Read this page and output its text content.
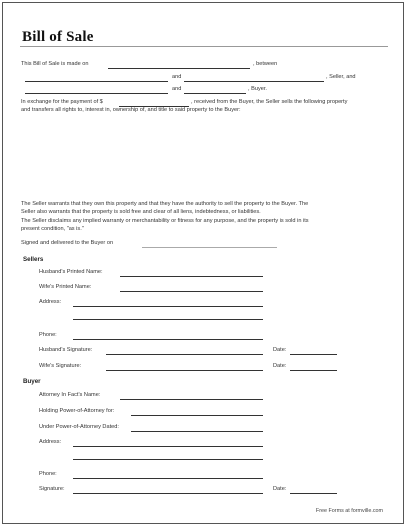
Bill of Sale
This Bill of Sale is made on	, between
and	, Seller, and
and	, Buyer.
In exchange for the payment of $	, received from the Buyer, the Seller sells the following property
and transfers all rights to, interest in, ownership of, and title to said property to the Buyer:
The Seller warrants that they own this property and that they have the authority to sell the property to the Buyer. The
Seller also warrants that the property is sold free and clear of all liens, indebtedness, or liabilities.
The Seller disclaims any implied warranty or merchantability or fitness for any purpose, and the property is sold in its
present condition, "as is."
Signed and delivered to the Buyer on
Sellers
Husband's Printed Name:
Wife's Printed Name:
Address:
Phone:
Husband's Signature:	Date:
Wife's Signature:	Date:
Buyer
Attorney In Fact's Name:
Holding Power-of-Attorney for:
Under Power-of-Attorney Dated:
Address:
Phone:
Signature:	Date:
Free Forms at formville.com
